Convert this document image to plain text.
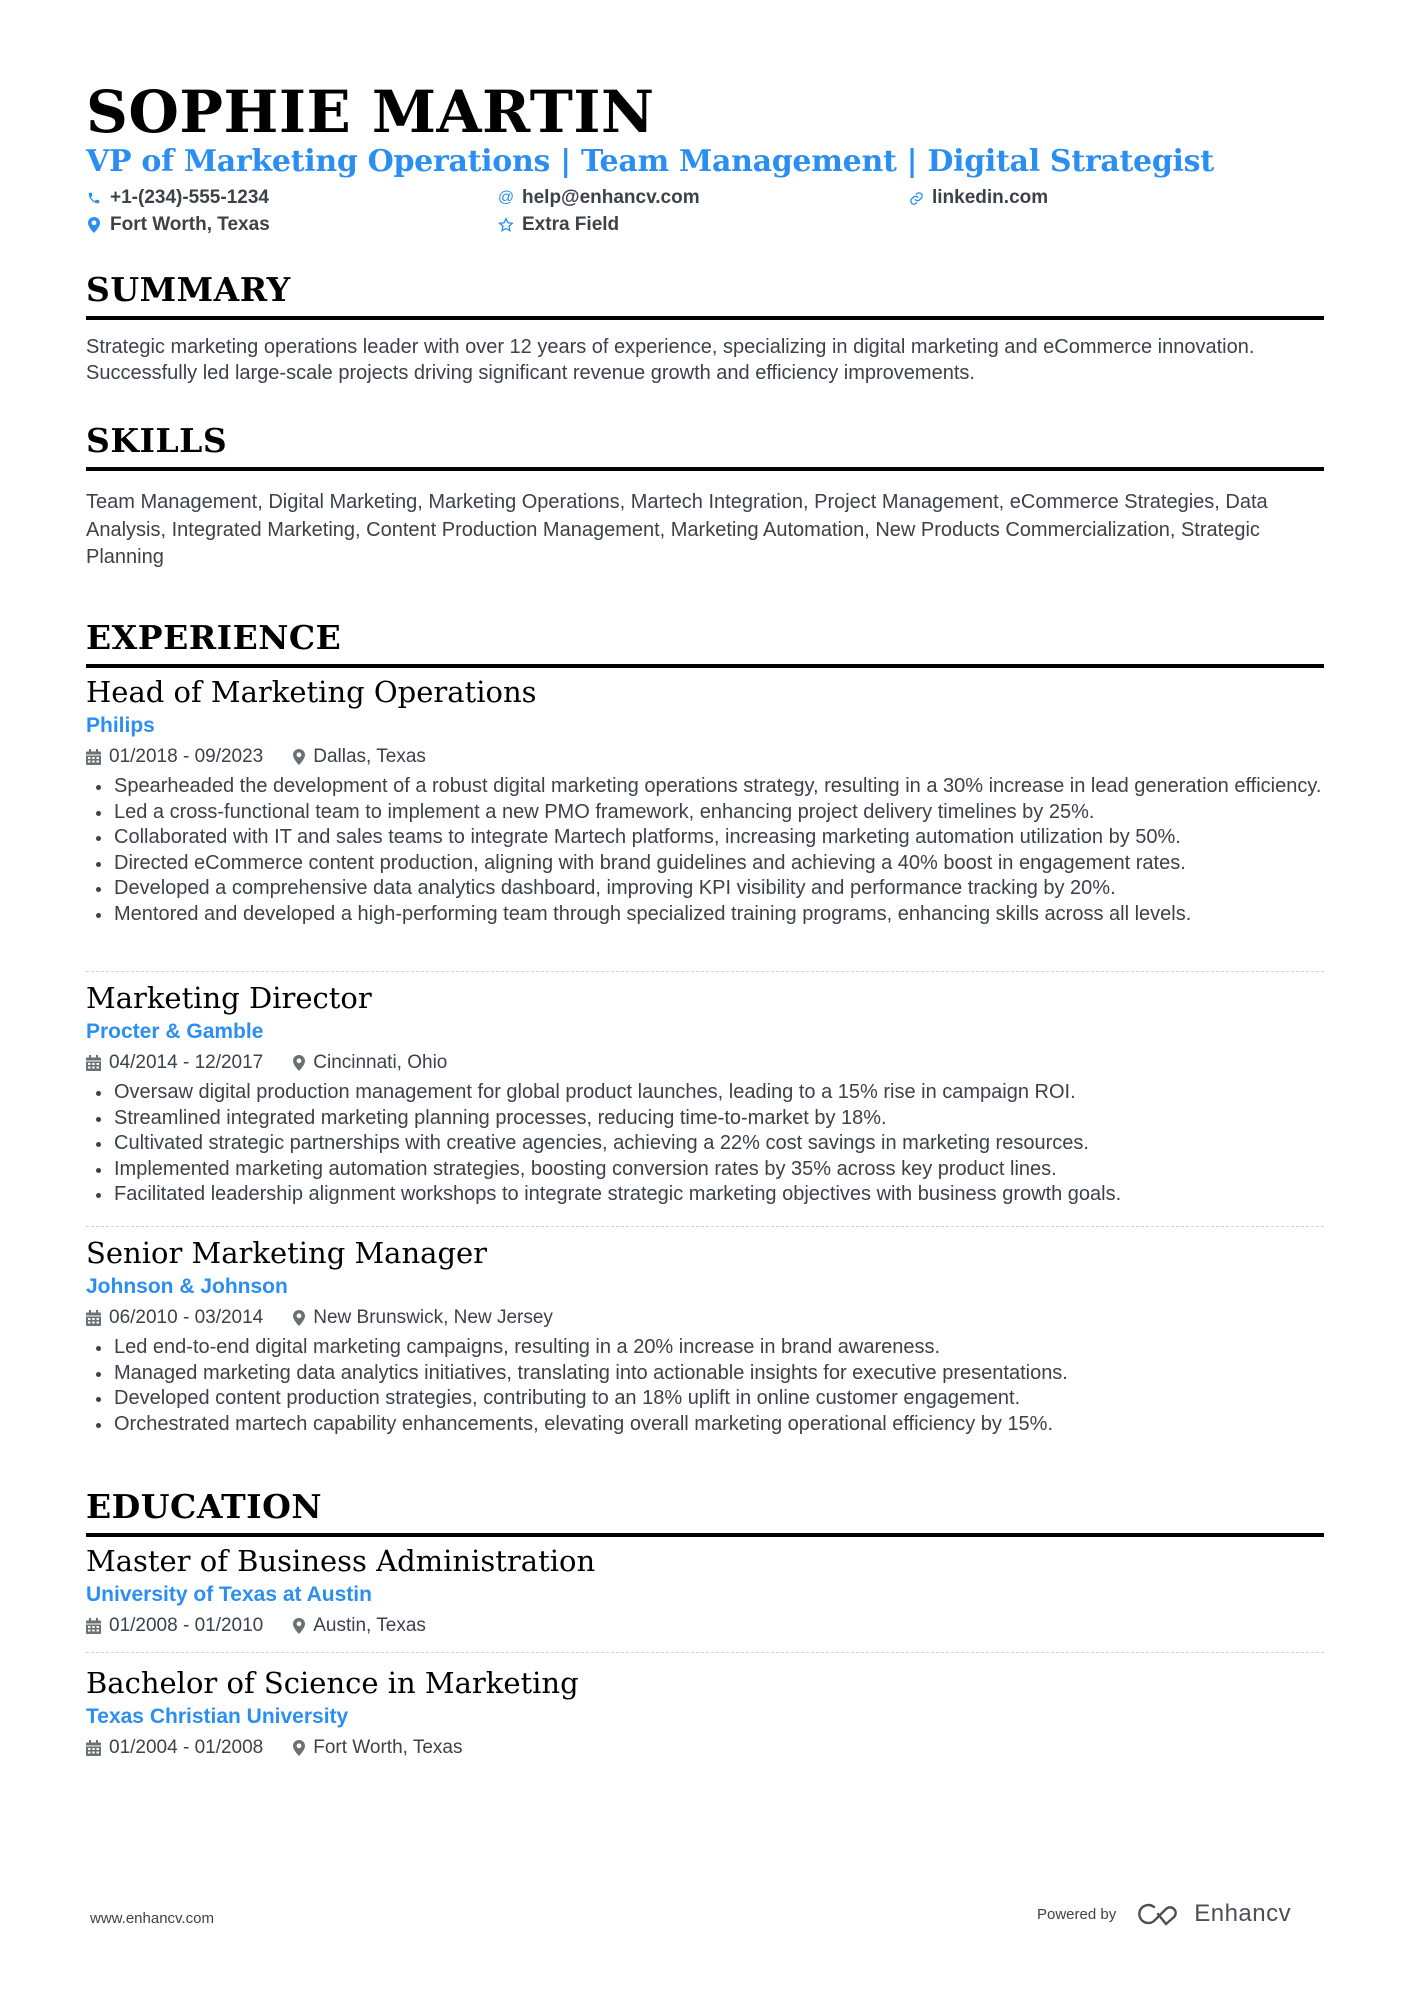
SOPHIE MARTIN
VP of Marketing Operations | Team Management | Digital Strategist
+1-(234)-555-1234	@ help@enhancv.com	linkedin.com
Fort Worth, Texas	Extra Field
SUMMARY
Strategic marketing operations leader with over 12 years of experience, specializing in digital marketing and eCommerce innovation. Successfully led large-scale projects driving significant revenue growth and efficiency improvements.
SKILLS
Team Management, Digital Marketing, Marketing Operations, Martech Integration, Project Management, eCommerce Strategies, Data Analysis, Integrated Marketing, Content Production Management, Marketing Automation, New Products Commercialization, Strategic Planning
EXPERIENCE
Head of Marketing Operations
Philips
01/2018 - 09/2023	Dallas, Texas
Spearheaded the development of a robust digital marketing operations strategy, resulting in a 30% increase in lead generation efficiency.
Led a cross-functional team to implement a new PMO framework, enhancing project delivery timelines by 25%.
Collaborated with IT and sales teams to integrate Martech platforms, increasing marketing automation utilization by 50%.
Directed eCommerce content production, aligning with brand guidelines and achieving a 40% boost in engagement rates.
Developed a comprehensive data analytics dashboard, improving KPI visibility and performance tracking by 20%.
Mentored and developed a high-performing team through specialized training programs, enhancing skills across all levels.
Marketing Director
Procter & Gamble
04/2014 - 12/2017	Cincinnati, Ohio
Oversaw digital production management for global product launches, leading to a 15% rise in campaign ROI.
Streamlined integrated marketing planning processes, reducing time-to-market by 18%.
Cultivated strategic partnerships with creative agencies, achieving a 22% cost savings in marketing resources.
Implemented marketing automation strategies, boosting conversion rates by 35% across key product lines.
Facilitated leadership alignment workshops to integrate strategic marketing objectives with business growth goals.
Senior Marketing Manager
Johnson & Johnson
06/2010 - 03/2014	New Brunswick, New Jersey
Led end-to-end digital marketing campaigns, resulting in a 20% increase in brand awareness.
Managed marketing data analytics initiatives, translating into actionable insights for executive presentations.
Developed content production strategies, contributing to an 18% uplift in online customer engagement.
Orchestrated martech capability enhancements, elevating overall marketing operational efficiency by 15%.
EDUCATION
Master of Business Administration
University of Texas at Austin
01/2008 - 01/2010	Austin, Texas
Bachelor of Science in Marketing
Texas Christian University
01/2004 - 01/2008	Fort Worth, Texas
www.enhancv.com	Powered by	Enhancv
